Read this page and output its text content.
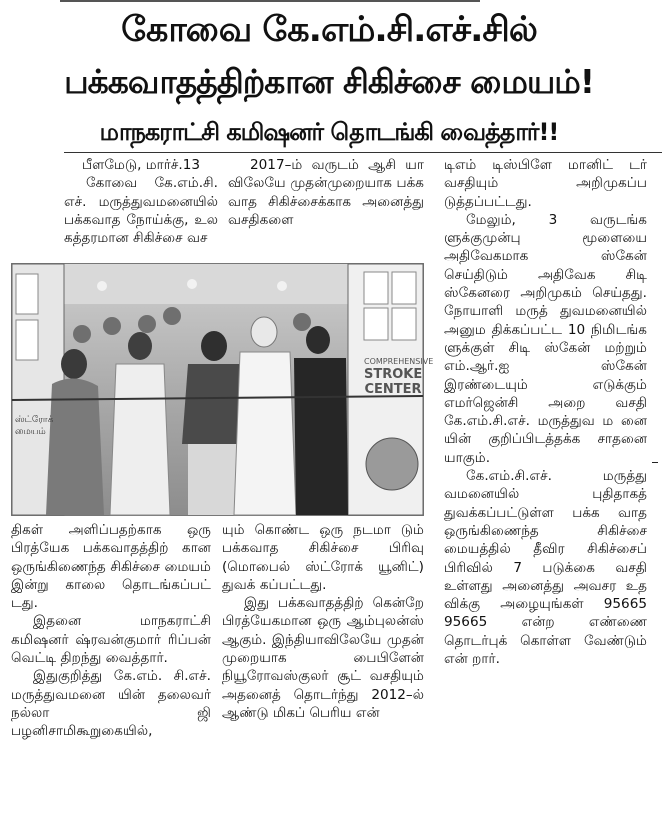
கோவை கே.எம்.சி.எச்.சில்
பக்கவாதத்திற்கான சிகிச்சை மையம்!
மாநகராட்சி கமிஷனர் தொடங்கி வைத்தார்!!

பீளமேடு, மார்ச்.13

கோவை கே.எம்.சி. எச். மருத்துவமனையில் பக்கவாத நோய்க்கு, உல கத்தரமான சிகிச்சை வச

2017–ம் வருடம் ஆசி யா விலேயே முதன்முறையாக பக்க வாத சிகிச்சைக்காக அனைத்து வசதிகளை

டிஎம் டிஸ்பிளே மானிட் டர் வசதியும் அறிமுகப்ப டுத்தப்பட்டது.

மேலும், 3 வருடங்க ளுக்குமுன்பு மூளையை அதிவேகமாக ஸ்கேன் செய்திடும் அதிவேக சிடி ஸ்கேனரை அறிமுகம் செய்தது. நோயாளி மருத் துவமனையில் அனும திக்கப்பட்ட 10 நிமிடங்க ளுக்குள் சிடி ஸ்கேன் மற்றும் எம்.ஆர்.ஐ ஸ்கேன் இரண்டையும் எடுக்கும் எமர்ஜென்சி அறை வசதி கே.எம்.சி.எச். மருத்துவ ம னை யின் குறிப்பிடத்தக்க சாதனை யாகும்.

கே.எம்.சி.எச். மருத்து வமனையில் புதிதாகத் துவக்கப்பட்டுள்ள பக்க வாத ஒருங்கிணைந்த சிகிச்சை மையத்தில் தீவிர சிகிச்சைப் பிரிவில் 7 படுக்கை வசதி உள்ளது அனைத்து அவசர உத விக்கு அழையுங்கள் 95665 95665 என்ற எண்ணை தொடர்புக் கொள்ள வேண்டும் என் றார்.

COMPREHENSIVE
STROKE
CENTER
ஸ்ட்ரோக் மையம்

திகள் அளிப்பதற்காக ஒரு பிரத்யேக பக்கவாதத்திற் கான ஒருங்கிணைந்த சிகிச்சை மையம் இன்று காலை தொடங்கப்பட் டது.

இதனை மாநகராட்சி கமிஷனர் ஷ்ரவன்குமார் ரிப்பன் வெட்டி திறந்து வைத்தார்.

இதுகுறித்து கே.எம். சி.எச். மருத்துவமனை யின் தலைவர் நல்லா ஜி பழனிசாமிகூறுகையில்,

யும் கொண்ட ஒரு நடமா டும் பக்கவாத சிகிச்சை பிரிவு (மொபைல் ஸ்ட்ரோக் யூனிட்) துவக் கப்பட்டது.

இது பக்கவாதத்திற் கென்றே பிரத்யேகமான ஒரு ஆம்புலன்ஸ் ஆகும். இந்தியாவிலேயே முதன் முறையாக பைபிளேன் நியூரோவஸ்குலர் சூட் வசதியும் அதனைத் தொடர்ந்து 2012–ல் ஆண்டு மிகப் பெரிய என்
